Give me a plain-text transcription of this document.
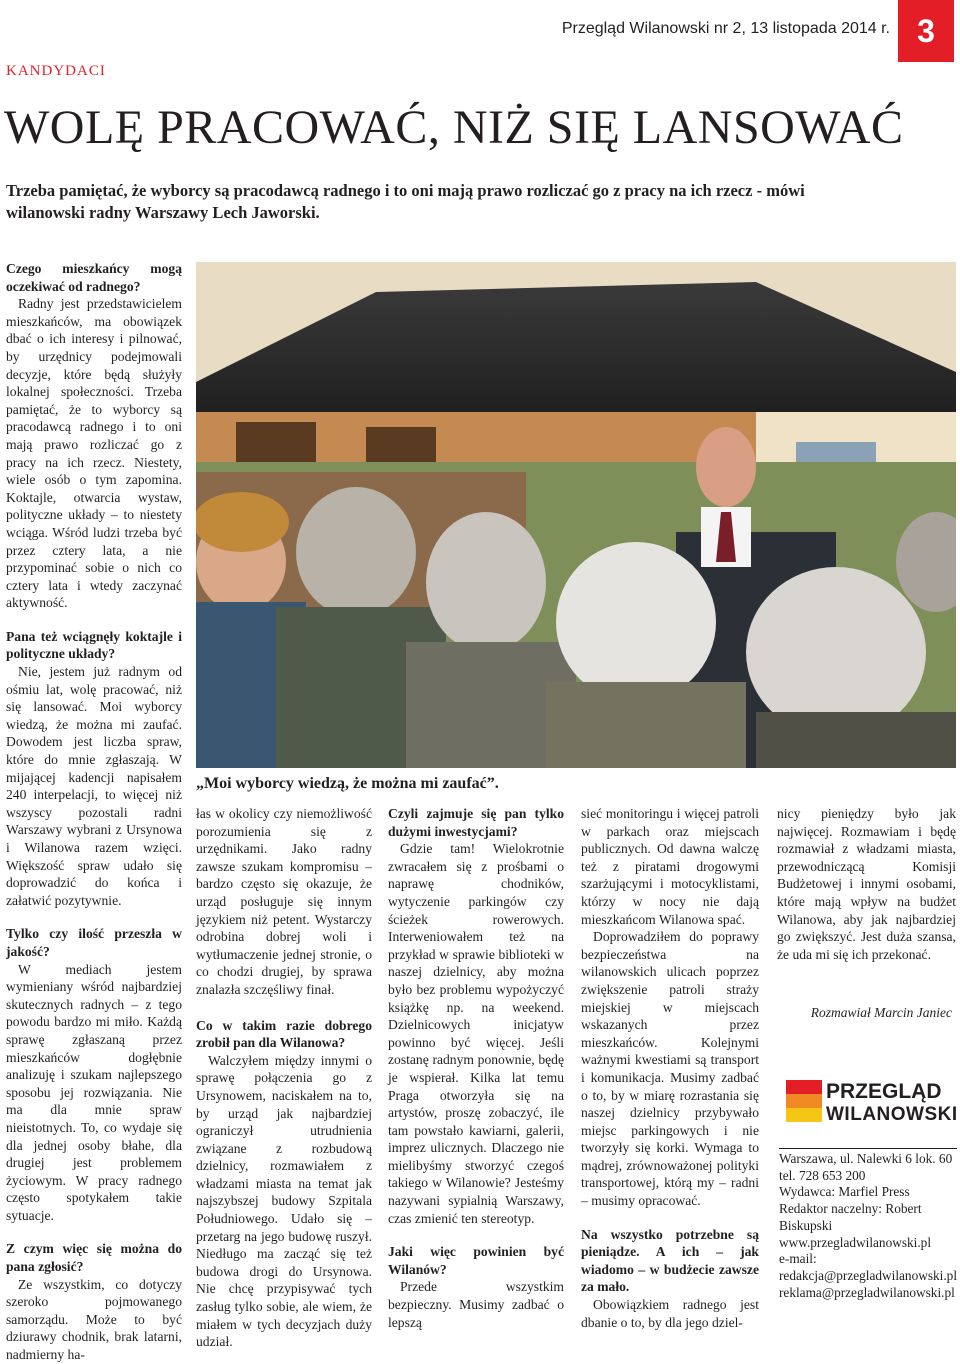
Przegląd Wilanowski nr 2, 13 listopada 2014 r. 3
KANDYDACI
WOLĘ PRACOWAĆ, NIŻ SIĘ LANSOWAĆ

Trzeba pamiętać, że wyborcy są pracodawcą radnego i to oni mają prawo rozliczać go z pracy na ich rzecz - mówi wilanowski radny Warszawy Lech Jaworski.

Czego mieszkańcy mogą oczekiwać od radnego?

Radny jest przedstawicielem mieszkańców, ma obowiązek dbać o ich interesy i pilnować, by urzędnicy podejmowali decyzje, które będą służyły lokalnej społeczności. Trzeba pamiętać, że to wyborcy są pracodawcą radnego i to oni mają prawo rozliczać go z pracy na ich rzecz. Niestety, wiele osób o tym zapomina. Koktajle, otwarcia wystaw, polityczne układy – to niestety wciąga. Wśród ludzi trzeba być przez cztery lata, a nie przypominać sobie o nich co cztery lata i wtedy zaczynać aktywność.

Pana też wciągnęły koktajle i polityczne układy?

Nie, jestem już radnym od ośmiu lat, wolę pracować, niż się lansować. Moi wyborcy wiedzą, że można mi zaufać. Dowodem jest liczba spraw, które do mnie zgłaszają. W mijającej kadencji napisałem 240 interpelacji, to więcej niż wszyscy pozostali radni Warszawy wybrani z Ursynowa i Wilanowa razem wzięci. Większość spraw udało się doprowadzić do końca i załatwić pozytywnie.

Tylko czy ilość przeszła w jakość?

W mediach jestem wymieniany wśród najbardziej skutecznych radnych – z tego powodu bardzo mi miło. Każdą sprawę zgłaszaną przez mieszkańców dogłębnie analizuję i szukam najlepszego sposobu jej rozwiązania. Nie ma dla mnie spraw nieistotnych. To, co wydaje się dla jednej osoby błahe, dla drugiej jest problemem życiowym. W pracy radnego często spotykałem takie sytuacje.

Z czym więc się można do pana zgłosić?

Ze wszystkim, co dotyczy szeroko pojmowanego samorządu. Może to być dziurawy chodnik, brak latarni, nadmierny ha-

„Moi wyborcy wiedzą, że można mi zaufać”.

łas w okolicy czy niemożliwość porozumienia się z urzędnikami. Jako radny zawsze szukam kompromisu – bardzo często się okazuje, że urząd posługuje się innym językiem niż petent. Wystarczy odrobina dobrej woli i wytłumaczenie jednej stronie, o co chodzi drugiej, by sprawa znalazła szczęśliwy finał.

Co w takim razie dobrego zrobił pan dla Wilanowa?

Walczyłem między innymi o sprawę połączenia go z Ursynowem, naciskałem na to, by urząd jak najbardziej ograniczył utrudnienia związane z rozbudową dzielnicy, rozmawiałem z władzami miasta na temat jak najszybszej budowy Szpitala Południowego. Udało się – przetarg na jego budowę ruszył. Niedługo ma zacząć się też budowa drogi do Ursynowa. Nie chcę przypisywać tych zasług tylko sobie, ale wiem, że miałem w tych decyzjach duży udział.

Czyli zajmuje się pan tylko dużymi inwestycjami?

Gdzie tam! Wielokrotnie zwracałem się z prośbami o naprawę chodników, wytyczenie parkingów czy ścieżek rowerowych. Interweniowałem też na przykład w sprawie biblioteki w naszej dzielnicy, aby można było bez problemu wypożyczyć książkę np. na weekend. Dzielnicowych inicjatyw powinno być więcej. Jeśli zostanę radnym ponownie, będę je wspierał. Kilka lat temu Praga otworzyła się na artystów, proszę zobaczyć, ile tam powstało kawiarni, galerii, imprez ulicznych. Dlaczego nie mielibyśmy stworzyć czegoś takiego w Wilanowie? Jesteśmy nazywani sypialnią Warszawy, czas zmienić ten stereotyp.

Jaki więc powinien być Wilanów?

Przede wszystkim bezpieczny. Musimy zadbać o lepszą

sieć monitoringu i więcej patroli w parkach oraz miejscach publicznych. Od dawna walczę też z piratami drogowymi szarżującymi i motocyklistami, którzy w nocy nie dają mieszkańcom Wilanowa spać.

Doprowadziłem do poprawy bezpieczeństwa na wilanowskich ulicach poprzez zwiększenie patroli straży miejskiej w miejscach wskazanych przez mieszkańców. Kolejnymi ważnymi kwestiami są transport i komunikacja. Musimy zadbać o to, by w miarę rozrastania się naszej dzielnicy przybywało miejsc parkingowych i nie tworzyły się korki. Wymaga to mądrej, zrównoważonej polityki transportowej, którą my – radni – musimy opracować.

Na wszystko potrzebne są pieniądze. A ich – jak wiadomo – w budżecie zawsze za mało.

Obowiązkiem radnego jest dbanie o to, by dla jego dziel-

nicy pieniędzy było jak najwięcej. Rozmawiam i będę rozmawiał z władzami miasta, przewodniczącą Komisji Budżetowej i innymi osobami, które mają wpływ na budżet Wilanowa, aby jak najbardziej go zwiększyć. Jest duża szansa, że uda mi się ich przekonać.

Rozmawiał Marcin Janiec
PRZEGLĄD
WILANOWSKI
Warszawa, ul. Nalewki 6 lok. 60
tel. 728 653 200
Wydawca: Marfiel Press
Redaktor naczelny: Robert Biskupski
www.przegladwilanowski.pl
e-mail: redakcja@przegladwilanowski.pl
reklama@przegladwilanowski.pl
